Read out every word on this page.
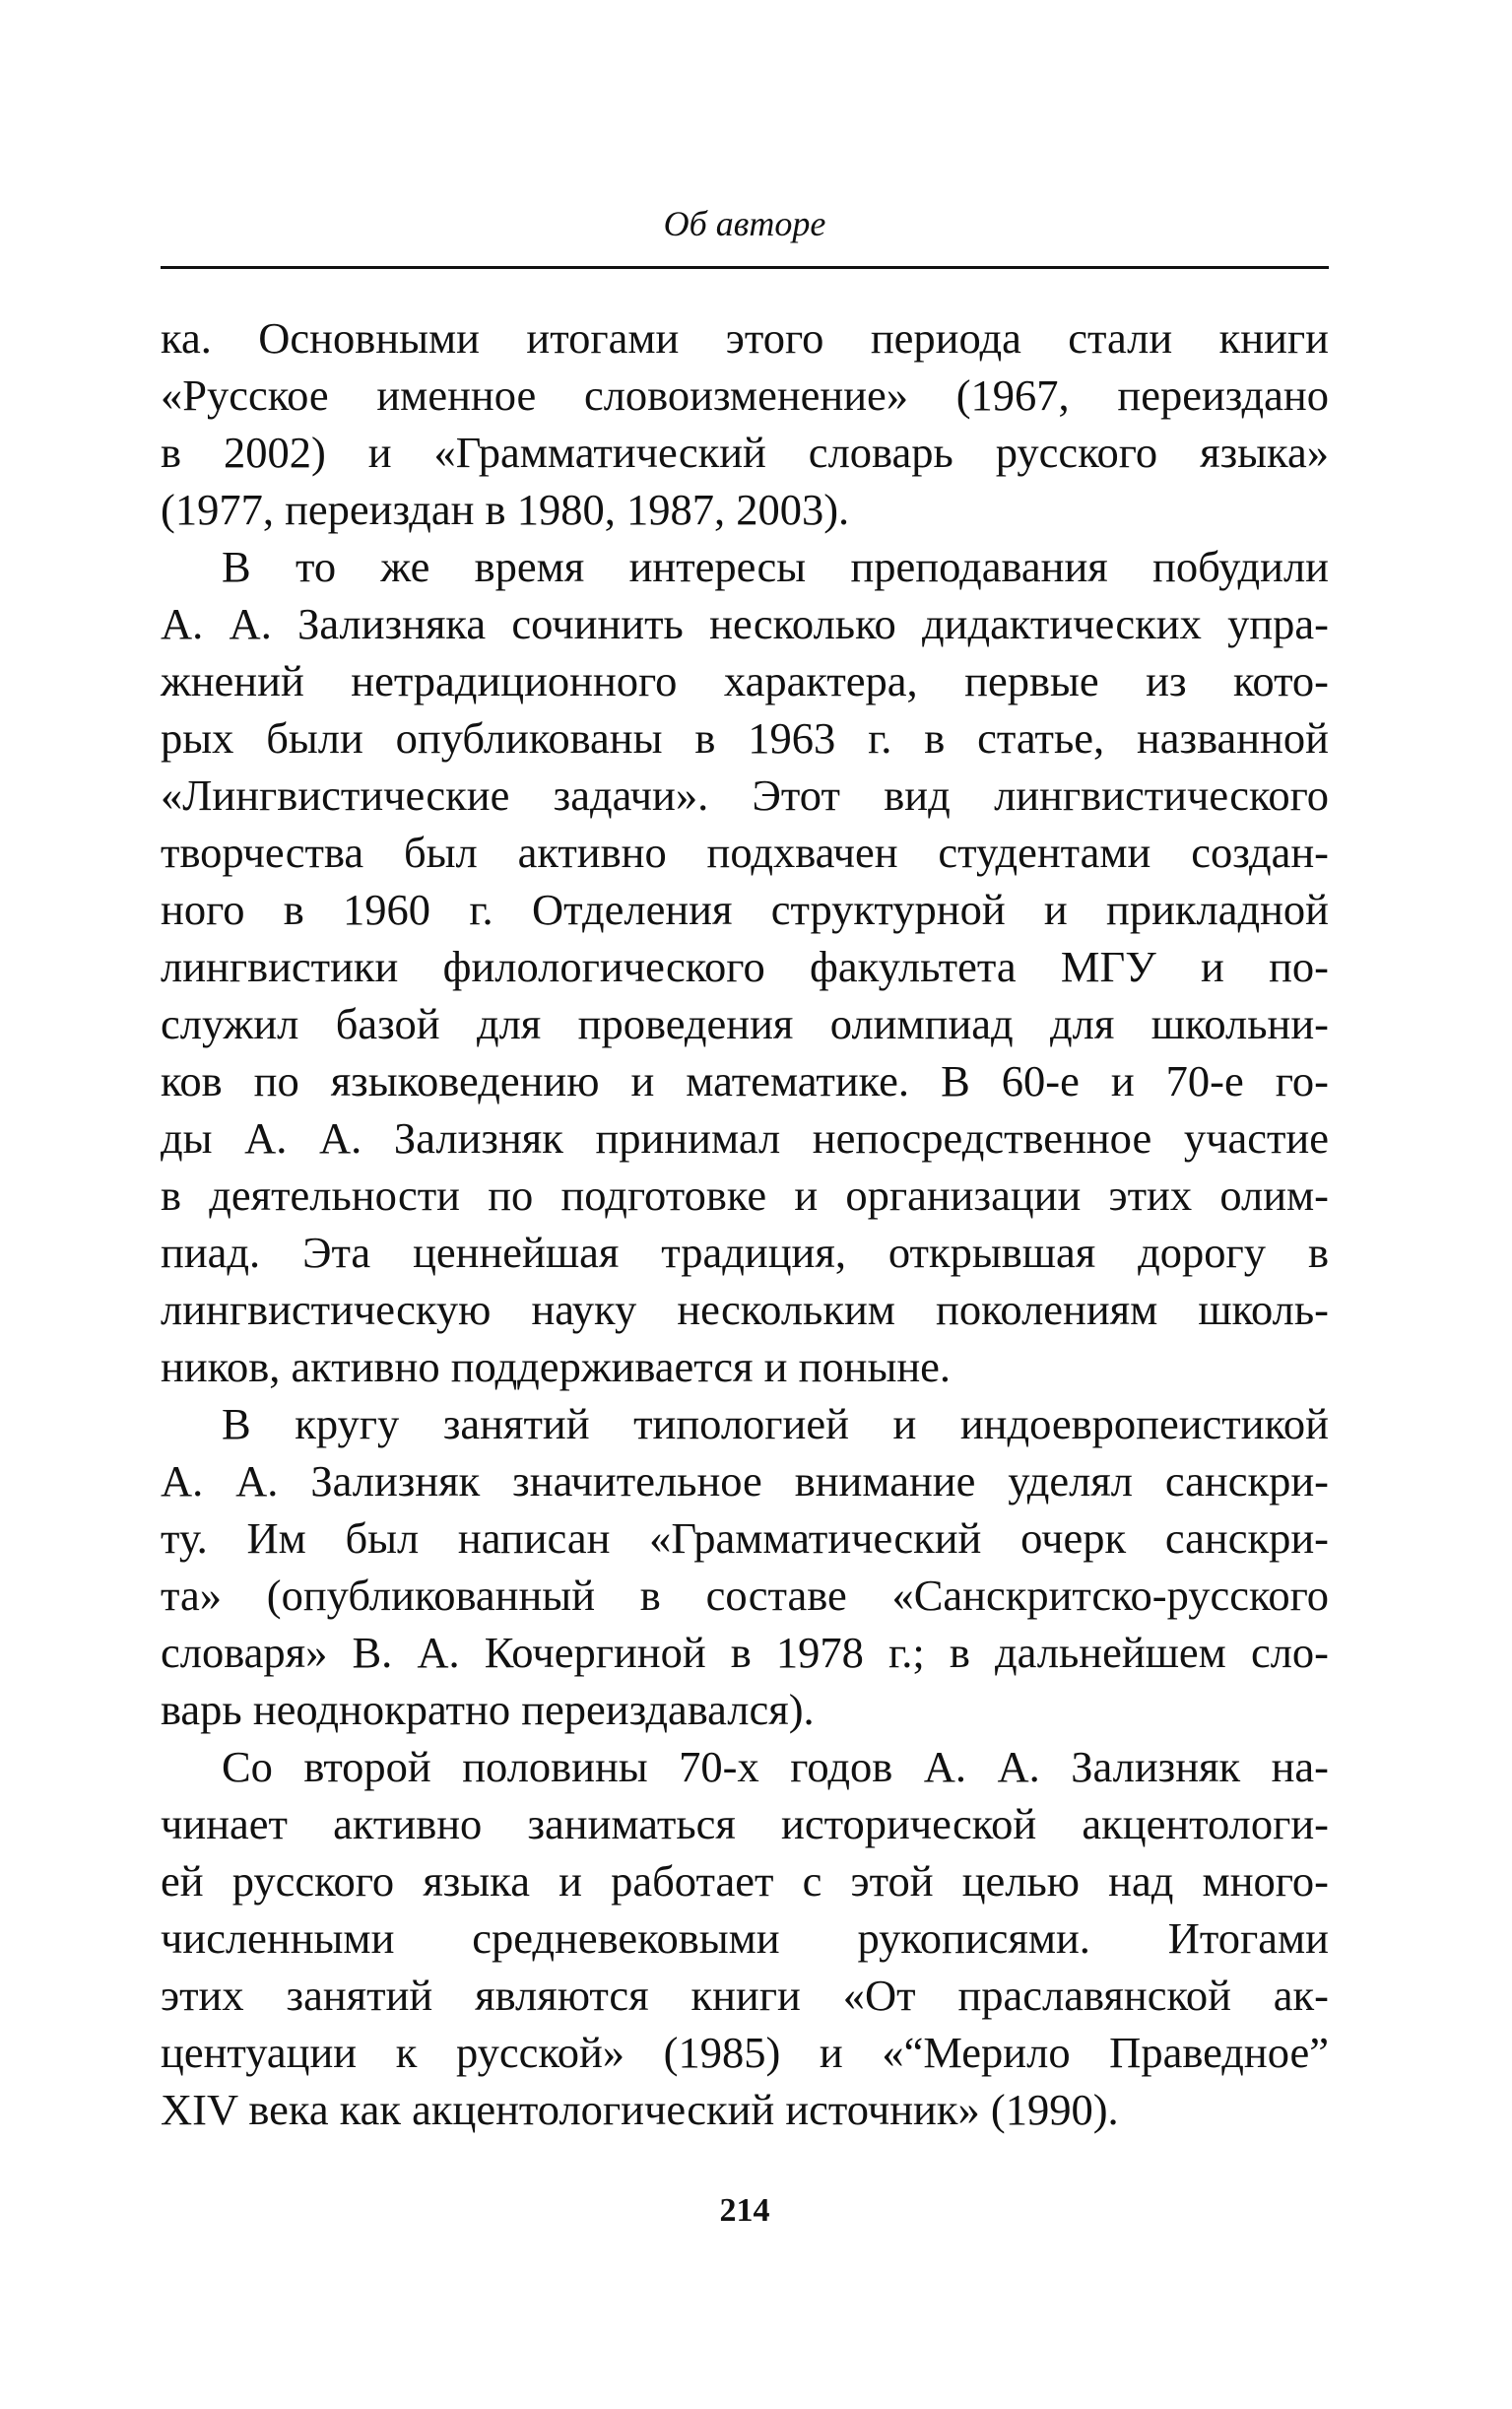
Об авторе
ка. Основными итогами этого периода стали книги
«Русское именное словоизменение» (1967, переиздано
в 2002) и «Грамматический словарь русского языка»
(1977, переиздан в 1980, 1987, 2003).
В то же время интересы преподавания побудили
А. А. Зализняка сочинить несколько дидактических упра-
жнений нетрадиционного характера, первые из кото-
рых были опубликованы в 1963 г. в статье, названной
«Лингвистические задачи». Этот вид лингвистического
творчества был активно подхвачен студентами создан-
ного в 1960 г. Отделения структурной и прикладной
лингвистики филологического факультета МГУ и по-
служил базой для проведения олимпиад для школьни-
ков по языковедению и математике. В 60-е и 70-е го-
ды А. А. Зализняк принимал непосредственное участие
в деятельности по подготовке и организации этих олим-
пиад. Эта ценнейшая традиция, открывшая дорогу в
лингвистическую науку нескольким поколениям школь-
ников, активно поддерживается и поныне.
В кругу занятий типологией и индоевропеистикой
А. А. Зализняк значительное внимание уделял санскри-
ту. Им был написан «Грамматический очерк санскри-
та» (опубликованный в составе «Санскритско-русского
словаря» В. А. Кочергиной в 1978 г.; в дальнейшем сло-
варь неоднократно переиздавался).
Со второй половины 70-х годов А. А. Зализняк на-
чинает активно заниматься исторической акцентологи-
ей русского языка и работает с этой целью над много-
численными средневековыми рукописями. Итогами
этих занятий являются книги «От праславянской ак-
центуации к русской» (1985) и «“Мерило Праведное”
XIV века как акцентологический источник» (1990).
214
